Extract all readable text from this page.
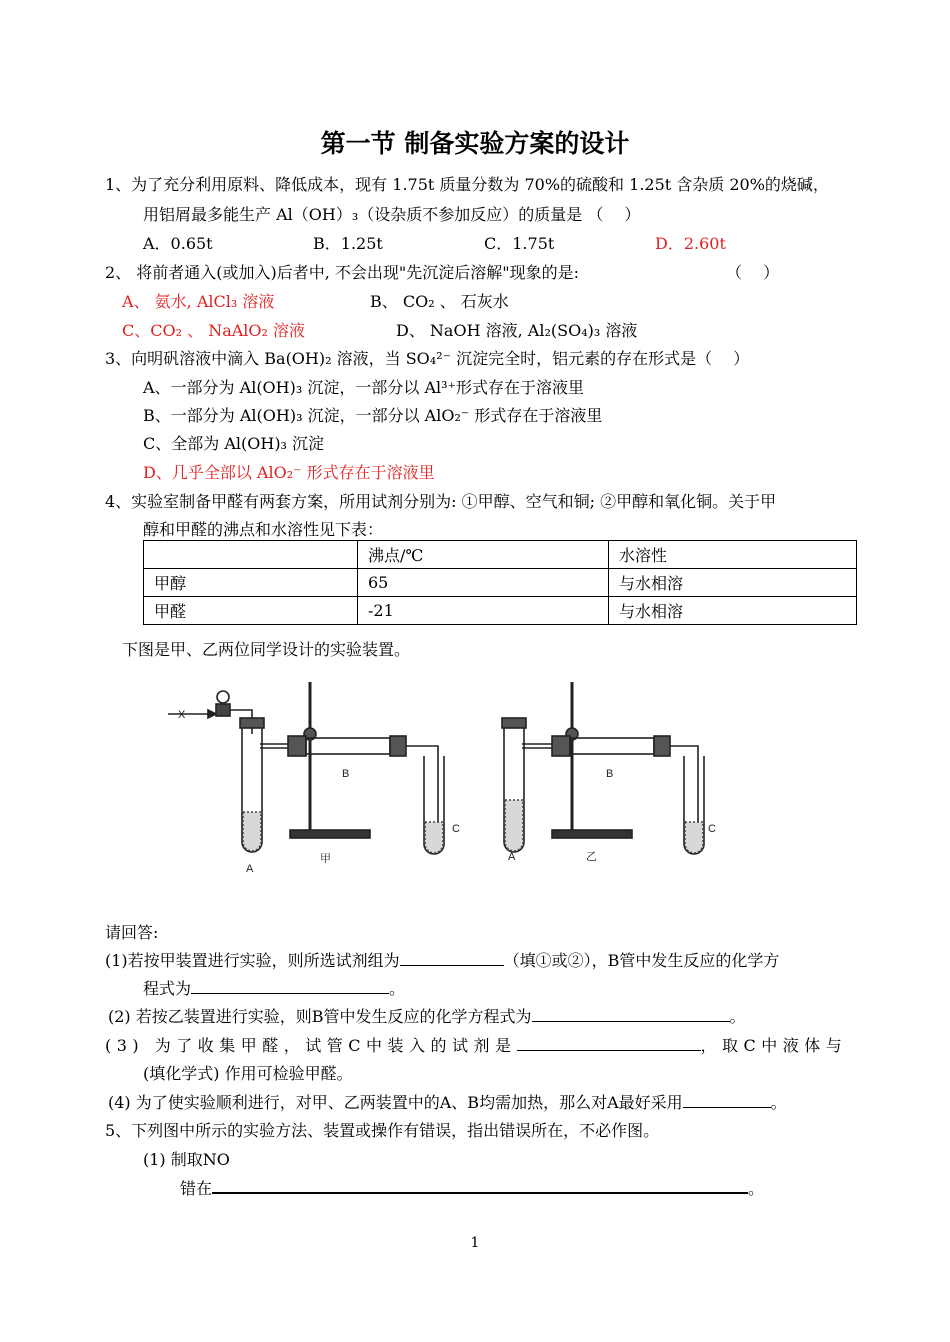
第一节 制备实验方案的设计
1、为了充分利用原料、降低成本，现有 1.75t 质量分数为 70%的硫酸和 1.25t 含杂质 20%的烧碱，
用铝屑最多能生产 Al（OH）₃（设杂质不参加反应）的质量是 （　 ）
A．0.65t	B．1.25t	C．1.75t	D．2.60t
2、 将前者通入(或加入)后者中, 不会出现"先沉淀后溶解"现象的是:	（　 ）
A、 氨水, AlCl₃ 溶液	B、 CO₂ 、 石灰水
C、CO₂ 、 NaAlO₂ 溶液	D、 NaOH 溶液, Al₂(SO₄)₃ 溶液
3、向明矾溶液中滴入 Ba(OH)₂ 溶液，当 SO₄²⁻ 沉淀完全时，铝元素的存在形式是（　 ）
A、一部分为 Al(OH)₃ 沉淀，一部分以 Al³⁺形式存在于溶液里
B、一部分为 Al(OH)₃ 沉淀，一部分以 AlO₂⁻ 形式存在于溶液里
C、全部为 Al(OH)₃ 沉淀
D、几乎全部以 AlO₂⁻ 形式存在于溶液里
4、实验室制备甲醛有两套方案，所用试剂分别为: ①甲醇、空气和铜; ②甲醇和氧化铜。关于甲
醇和甲醛的沸点和水溶性见下表：
	沸点/℃	水溶性
甲醇	65	与水相溶
甲醛	-21	与水相溶
下图是甲、乙两位同学设计的实验装置。
X
A
B
C
甲	A
B
C
乙
请回答:
(1)若按甲装置进行实验，则所选试剂组为	（填①或②），B管中发生反应的化学方
程式为	。
(2) 若按乙装置进行实验，则B管中发生反应的化学方程式为	。
(3) 为了收集甲醛，试管C中装入的试剂是	，取C中液体与
(填化学式) 作用可检验甲醛。
(4) 为了使实验顺利进行，对甲、乙两装置中的A、B均需加热，那么对A最好采用	。
5、下列图中所示的实验方法、装置或操作有错误，指出错误所在，不必作图。
(1) 制取NO
错在	。
1
